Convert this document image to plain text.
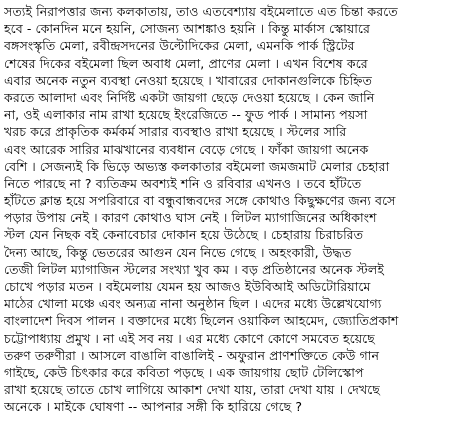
সত্যই নিরাপত্তার জন্য কলকাতায়, তাও এতবেশ্যায় বইমেলাতে এত চিন্তা করতে
হবে - কোনদিন মনে হয়নি, সোজন্য আশঙ্কাও হয়নি । কিন্তু মার্কাস স্কোয়ারে
বঙ্গসংস্কৃতি মেলা, রবীন্দ্রসদনের উল্টোদিকের মেলা, এমনকি পার্ক স্ট্রিটের
শেষের দিকের বইমেলা ছিল অবাধ মেলা, প্রাণের মেলা । এখন বিশেষ করে
এবার অনেক নতুন ব্যবস্থা নেওয়া হয়েছে । খাবারের দোকানগুলিকে চিহ্নিত
করতে আলাদা এবং নির্দিষ্ট একটা জায়গা ছেড়ে দেওয়া হয়েছে । কেন জানি
না, ওই এলাকার নাম রাখা হয়েছে ইংরেজিতে -- ফুড পার্ক । সামান্য পয়সা
খরচ করে প্রাকৃতিক কর্মকর্ম সারার ব্যবস্থাও রাখা হয়েছে । স্টলের সারি
এবং আরেক সারির মাঝখানের ব্যবধান বেড়ে গেছে । ফাঁকা জায়গা অনেক
বেশি । সেজন্যই কি ভিড়ে অভ্যস্ত কলকাতার বইমেলা জমজমাট মেলার চেহারা
নিতে পারছে না ? ব্যতিক্রম অবশ্যই শনি ও রবিবার এখনও । তবে হাঁটতে
হাঁটতে ক্লান্ত হয়ে সপরিবারে বা বন্ধুবান্ধবদের সঙ্গে কোথাও কিছুক্ষণের জন্য বসে
পড়ার উপায় নেই । কারণ কোথাও ঘাস নেই । লিটল ম্যাগাজিনের অধিকাংশ
স্টল যেন নিছক বই কেনাবেচার দোকান হয়ে উঠেছে । চেহারায় চিরাচরিত
দৈন্য আছে, কিন্তু ভেতরের আগুন যেন নিভে গেছে । অহংকারী, উদ্ধত
তেজী লিটল ম্যাগাজিন স্টলের সংখ্যা খুব কম । বড় প্রতিষ্ঠানের অনেক স্টলই
চোখে পড়ার মতন । বইমেলায় যেমন হয় আজও ইউবিআই অডিটোরিয়ামে
মাঠের খোলা মঞ্চে এবং অন্যত্র নানা অনুষ্ঠান ছিল । এদের মধ্যে উল্লেখযোগ্য
বাংলাদেশ দিবস পালন । বক্তাদের মধ্যে ছিলেন ওয়াকিল আহমেদ, জ্যোতিপ্রকাশ
চট্টোপাধ্যায় প্রমুখ । না এই সব নয় । এর মধ্যে কোণে কোণে সমবেত হয়েছে
তরুণ তরুণীরা । আসলে বাঙালি বাঙালিই - অফুরান প্রাণশক্তিতে কেউ গান
গাইছে, কেউ চিৎকার করে কবিতা পড়ছে । এক জায়গায় ছোট টেলিস্কোপ
রাখা হয়েছে তাতে চোখ লাগিয়ে আকাশ দেখা যায়, তারা দেখা যায় । দেখছে
অনেকে । মাইকে ঘোষণা -- আপনার সঙ্গী কি হারিয়ে গেছে ?
